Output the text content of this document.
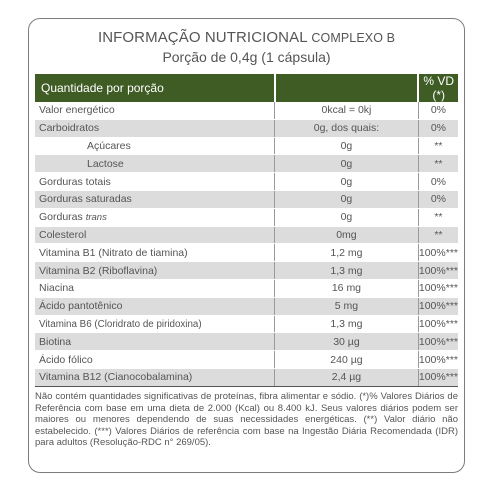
INFORMAÇÃO NUTRICIONAL COMPLEXO B
Porção de 0,4g (1 cápsula)
Quantidade por porção		% VD (*)
Valor energético	0kcal = 0kj	0%
Carboidratos	0g, dos quais:	0%
Açúcares	0g	**
Lactose	0g	**
Gorduras totais	0g	0%
Gorduras saturadas	0g	0%
Gorduras trans	0g	**
Colesterol	0mg	**
Vitamina B1 (Nitrato de tiamina)	1,2 mg	100%***
Vitamina B2 (Riboflavina)	1,3 mg	100%***
Niacina	16 mg	100%***
Ácido pantotênico	5 mg	100%***
Vitamina B6 (Cloridrato de piridoxina)	1,3 mg	100%***
Biotina	30 µg	100%***
Ácido fólico	240 µg	100%***
Vitamina B12 (Cianocobalamina)	2,4 µg	100%***
Não contém quantidades significativas de proteínas, fibra alimentar e sódio. (*)% Valores Diários de Referência com base em uma dieta de 2.000 (Kcal) ou 8.400 kJ. Seus valores diários podem ser maiores ou menores dependendo de suas necessidades energéticas. (**) Valor diário não estabelecido. (***) Valores Diários de referência com base na Ingestão Diária Recomendada (IDR) para adultos (Resolução-RDC n° 269/05).
